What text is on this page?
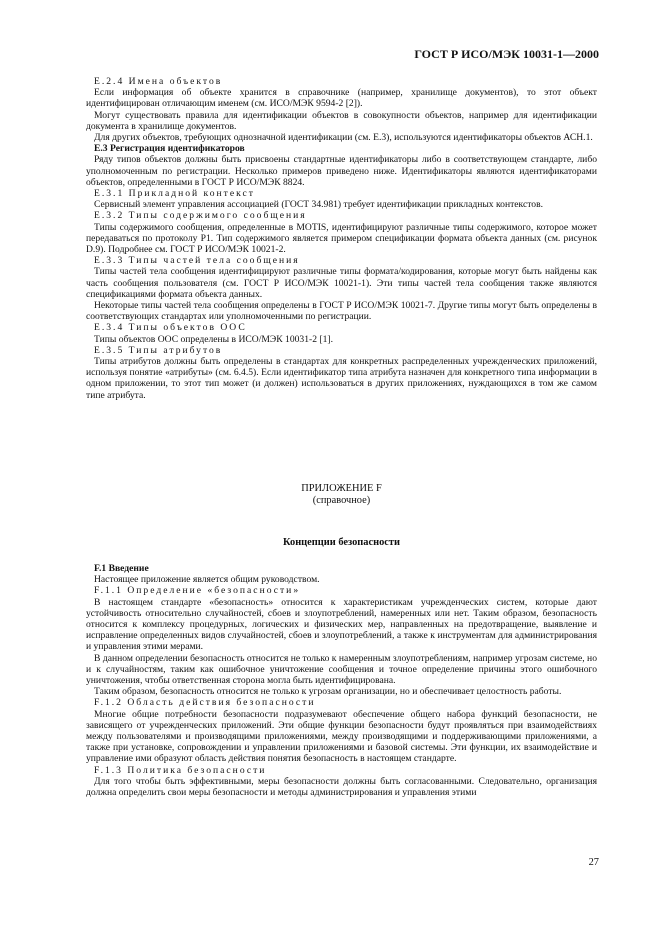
ГОСТ Р ИСО/МЭК 10031-1—2000
Е.2.4 Имена объектов
Если информация об объекте хранится в справочнике (например, хранилище документов), то этот объект идентифицирован отличающим именем (см. ИСО/МЭК 9594-2 [2]).
Могут существовать правила для идентификации объектов в совокупности объектов, например для идентификации документа в хранилище документов.
Для других объектов, требующих однозначной идентификации (см. Е.3), используются идентификаторы объектов АСН.1.
Е.3 Регистрация идентификаторов
Ряду типов объектов должны быть присвоены стандартные идентификаторы либо в соответствующем стандарте, либо уполномоченным по регистрации. Несколько примеров приведено ниже. Идентификаторы являются идентификаторами объектов, определенными в ГОСТ Р ИСО/МЭК 8824.
Е.3.1 Прикладной контекст
Сервисный элемент управления ассоциацией (ГОСТ 34.981) требует идентификации прикладных контекстов.
Е.3.2 Типы содержимого сообщения
Типы содержимого сообщения, определенные в MOTIS, идентифицируют различные типы содержимого, которое может передаваться по протоколу Р1. Тип содержимого является примером спецификации формата объекта данных (см. рисунок D.9). Подробнее см. ГОСТ Р ИСО/МЭК 10021-2.
Е.3.3 Типы частей тела сообщения
Типы частей тела сообщения идентифицируют различные типы формата/кодирования, которые могут быть найдены как часть сообщения пользователя (см. ГОСТ Р ИСО/МЭК 10021-1). Эти типы частей тела сообщения также являются спецификациями формата объекта данных.
Некоторые типы частей тела сообщения определены в ГОСТ Р ИСО/МЭК 10021-7. Другие типы могут быть определены в соответствующих стандартах или уполномоченными по регистрации.
Е.3.4 Типы объектов ООС
Типы объектов ООС определены в ИСО/МЭК 10031-2 [1].
Е.3.5 Типы атрибутов
Типы атрибутов должны быть определены в стандартах для конкретных распределенных учрежденческих приложений, используя понятие «атрибуты» (см. 6.4.5). Если идентификатор типа атрибута назначен для конкретного типа информации в одном приложении, то этот тип может (и должен) использоваться в других приложениях, нуждающихся в том же самом типе атрибута.
ПРИЛОЖЕНИЕ F
(справочное)
Концепции безопасности
F.1 Введение
Настоящее приложение является общим руководством.
F.1.1 Определение «безопасности»
В настоящем стандарте «безопасность» относится к характеристикам учрежденческих систем, которые дают устойчивость относительно случайностей, сбоев и злоупотреблений, намеренных или нет. Таким образом, безопасность относится к комплексу процедурных, логических и физических мер, направленных на предотвращение, выявление и исправление определенных видов случайностей, сбоев и злоупотреблений, а также к инструментам для администрирования и управления этими мерами.
В данном определении безопасность относится не только к намеренным злоупотреблениям, например угрозам системе, но и к случайностям, таким как ошибочное уничтожение сообщения и точное определение причины этого ошибочного уничтожения, чтобы ответственная сторона могла быть идентифицирована.
Таким образом, безопасность относится не только к угрозам организации, но и обеспечивает целостность работы.
F.1.2 Область действия безопасности
Многие общие потребности безопасности подразумевают обеспечение общего набора функций безопасности, не зависящего от учрежденческих приложений. Эти общие функции безопасности будут проявляться при взаимодействиях между пользователями и производящими приложениями, между производящими и поддерживающими приложениями, а также при установке, сопровождении и управлении приложениями и базовой системы. Эти функции, их взаимодействие и управление ими образуют область действия понятия безопасность в настоящем стандарте.
F.1.3 Политика безопасности
Для того чтобы быть эффективными, меры безопасности должны быть согласованными. Следовательно, организация должна определить свои меры безопасности и методы администрирования и управления этими
27
